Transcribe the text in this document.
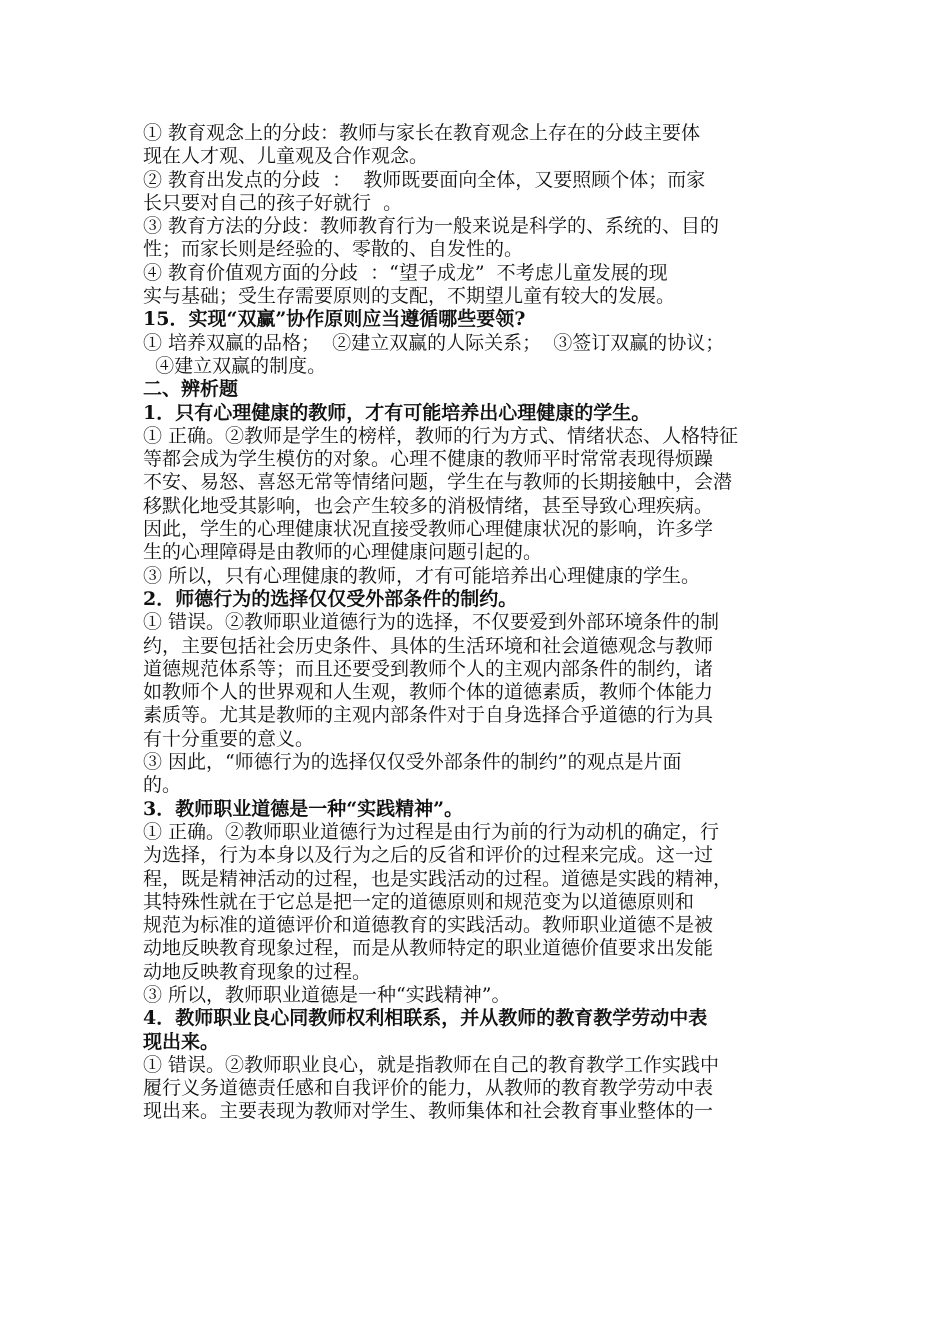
① 教育观念上的分歧：教师与家长在教育观念上存在的分歧主要体
现在人才观、儿童观及合作观念。
② 教育出发点的分歧  ：  教师既要面向全体，又要照顾个体；而家
长只要对自己的孩子好就行  。
③ 教育方法的分歧：教师教育行为一般来说是科学的、系统的、目的
性；而家长则是经验的、零散的、自发性的。
④ 教育价值观方面的分歧  ：“望子成龙”  不考虑儿童发展的现
实与基础；受生存需要原则的支配，不期望儿童有较大的发展。
15．实现“双赢”协作原则应当遵循哪些要领?
① 培养双赢的品格；  ②建立双赢的人际关系；  ③签订双赢的协议；
④建立双赢的制度。
二、辨析题
1．只有心理健康的教师，才有可能培养出心理健康的学生。
① 正确。②教师是学生的榜样，教师的行为方式、情绪状态、人格特征
等都会成为学生模仿的对象。心理不健康的教师平时常常表现得烦躁
不安、易怒、喜怒无常等情绪问题，学生在与教师的长期接触中，会潜
移默化地受其影响，也会产生较多的消极情绪，甚至导致心理疾病。
因此，学生的心理健康状况直接受教师心理健康状况的影响，许多学
生的心理障碍是由教师的心理健康问题引起的。
③ 所以，只有心理健康的教师，才有可能培养出心理健康的学生。
2．师德行为的选择仅仅受外部条件的制约。
① 错误。②教师职业道德行为的选择，不仅要爱到外部环境条件的制
约，主要包括社会历史条件、具体的生活环境和社会道德观念与教师
道德规范体系等；而且还要受到教师个人的主观内部条件的制约，诸
如教师个人的世界观和人生观，教师个体的道德素质，教师个体能力
素质等。尤其是教师的主观内部条件对于自身选择合乎道德的行为具
有十分重要的意义。
③ 因此，“师德行为的选择仅仅受外部条件的制约”的观点是片面
的。
3．教师职业道德是一种“实践精神”。
① 正确。②教师职业道德行为过程是由行为前的行为动机的确定，行
为选择，行为本身以及行为之后的反省和评价的过程来完成。这一过
程，既是精神活动的过程，也是实践活动的过程。道德是实践的精神，
其特殊性就在于它总是把一定的道德原则和规范变为以道德原则和
规范为标准的道德评价和道德教育的实践活动。教师职业道德不是被
动地反映教育现象过程，而是从教师特定的职业道德价值要求出发能
动地反映教育现象的过程。
③ 所以，教师职业道德是一种“实践精神”。
4．教师职业良心同教师权利相联系，并从教师的教育教学劳动中表
现出来。
① 错误。②教师职业良心，就是指教师在自己的教育教学工作实践中
履行义务道德责任感和自我评价的能力，从教师的教育教学劳动中表
现出来。主要表现为教师对学生、教师集体和社会教育事业整体的一
